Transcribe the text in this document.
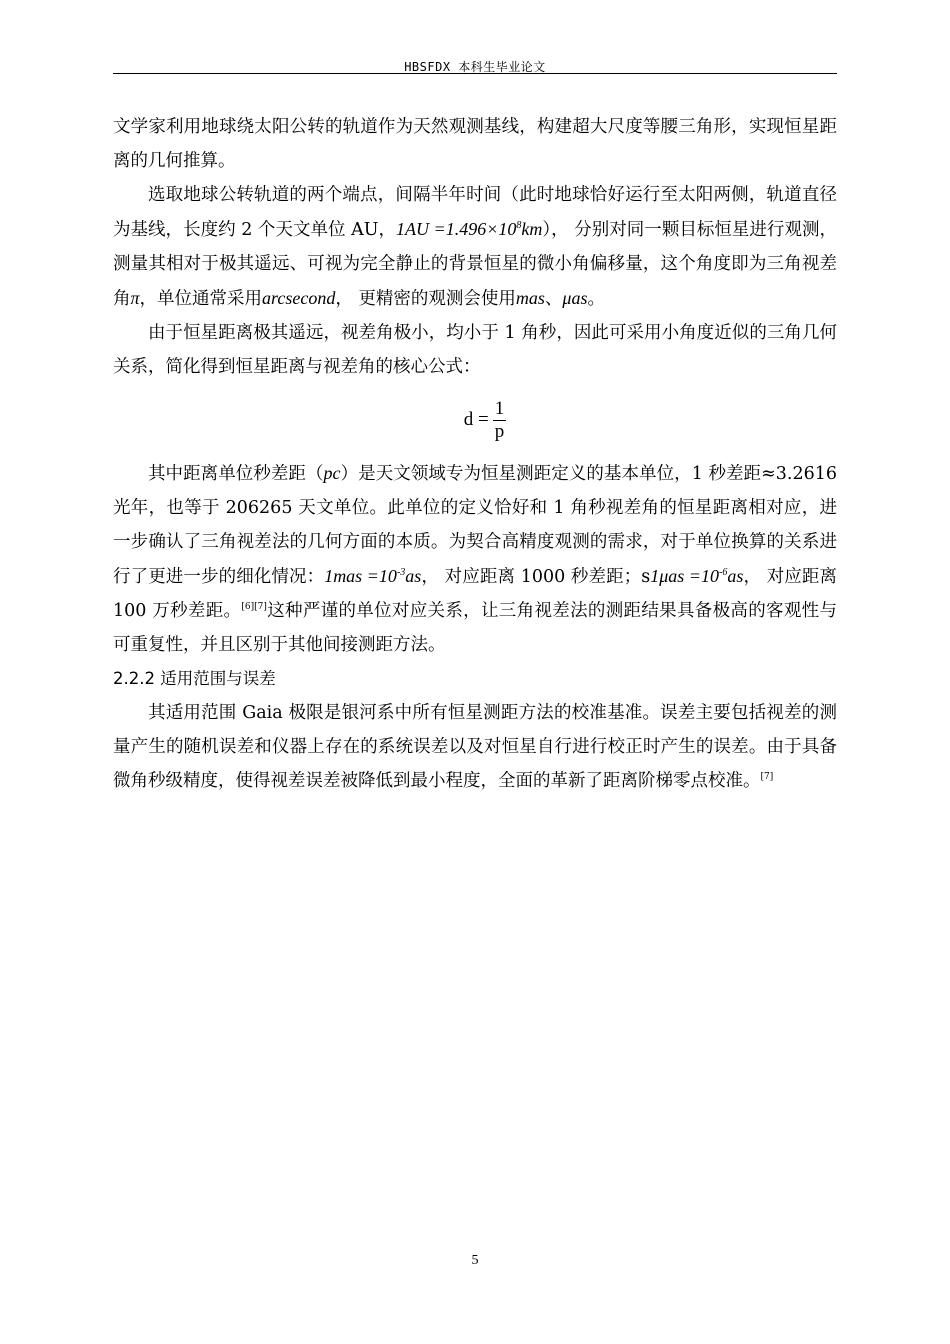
HBSFDX 本科生毕业论文

文学家利用地球绕太阳公转的轨道作为天然观测基线，构建超大尺度等腰三角形，实现恒星距离的几何推算。

选取地球公转轨道的两个端点，间隔半年时间（此时地球恰好运行至太阳两侧，轨道直径为基线，长度约 2 个天文单位 AU，$1AU =1.496\times 10^8km$）， 分别对同一颗目标恒星进行观测，测量其相对于极其遥远、可视为完全静止的背景恒星的微小角偏移量，这个角度即为三角视差角π，单位通常采用arcsecond， 更精密的观测会使用mas、μas。

由于恒星距离极其遥远，视差角极小，均小于 1 角秒，因此可采用小角度近似的三角几何关系，简化得到恒星距离与视差角的核心公式：

$d = \frac{1}{p}$

其中距离单位秒差距（pc）是天文领域专为恒星测距定义的基本单位，1 秒差距≈3.2616 光年，也等于 206265 天文单位。此单位的定义恰好和 1 角秒视差角的恒星距离相对应，进一步确认了三角视差法的几何方面的本质。为契合高精度观测的需求，对于单位换算的关系进行了更进一步的细化情况：$1mas =10^{-3}as$， 对应距离 1000 秒差距；$s1\mu as =10^{-6}as$， 对应距离 100 万秒差距。[6][7]这种严谨的单位对应关系，让三角视差法的测距结果具备极高的客观性与可重复性，并且区别于其他间接测距方法。

2.2.2 适用范围与误差

其适用范围 Gaia 极限是银河系中所有恒星测距方法的校准基准。误差主要包括视差的测量产生的随机误差和仪器上存在的系统误差以及对恒星自行进行校正时产生的误差。由于具备微角秒级精度，使得视差误差被降低到最小程度，全面的革新了距离阶梯零点校准。[7]

5
